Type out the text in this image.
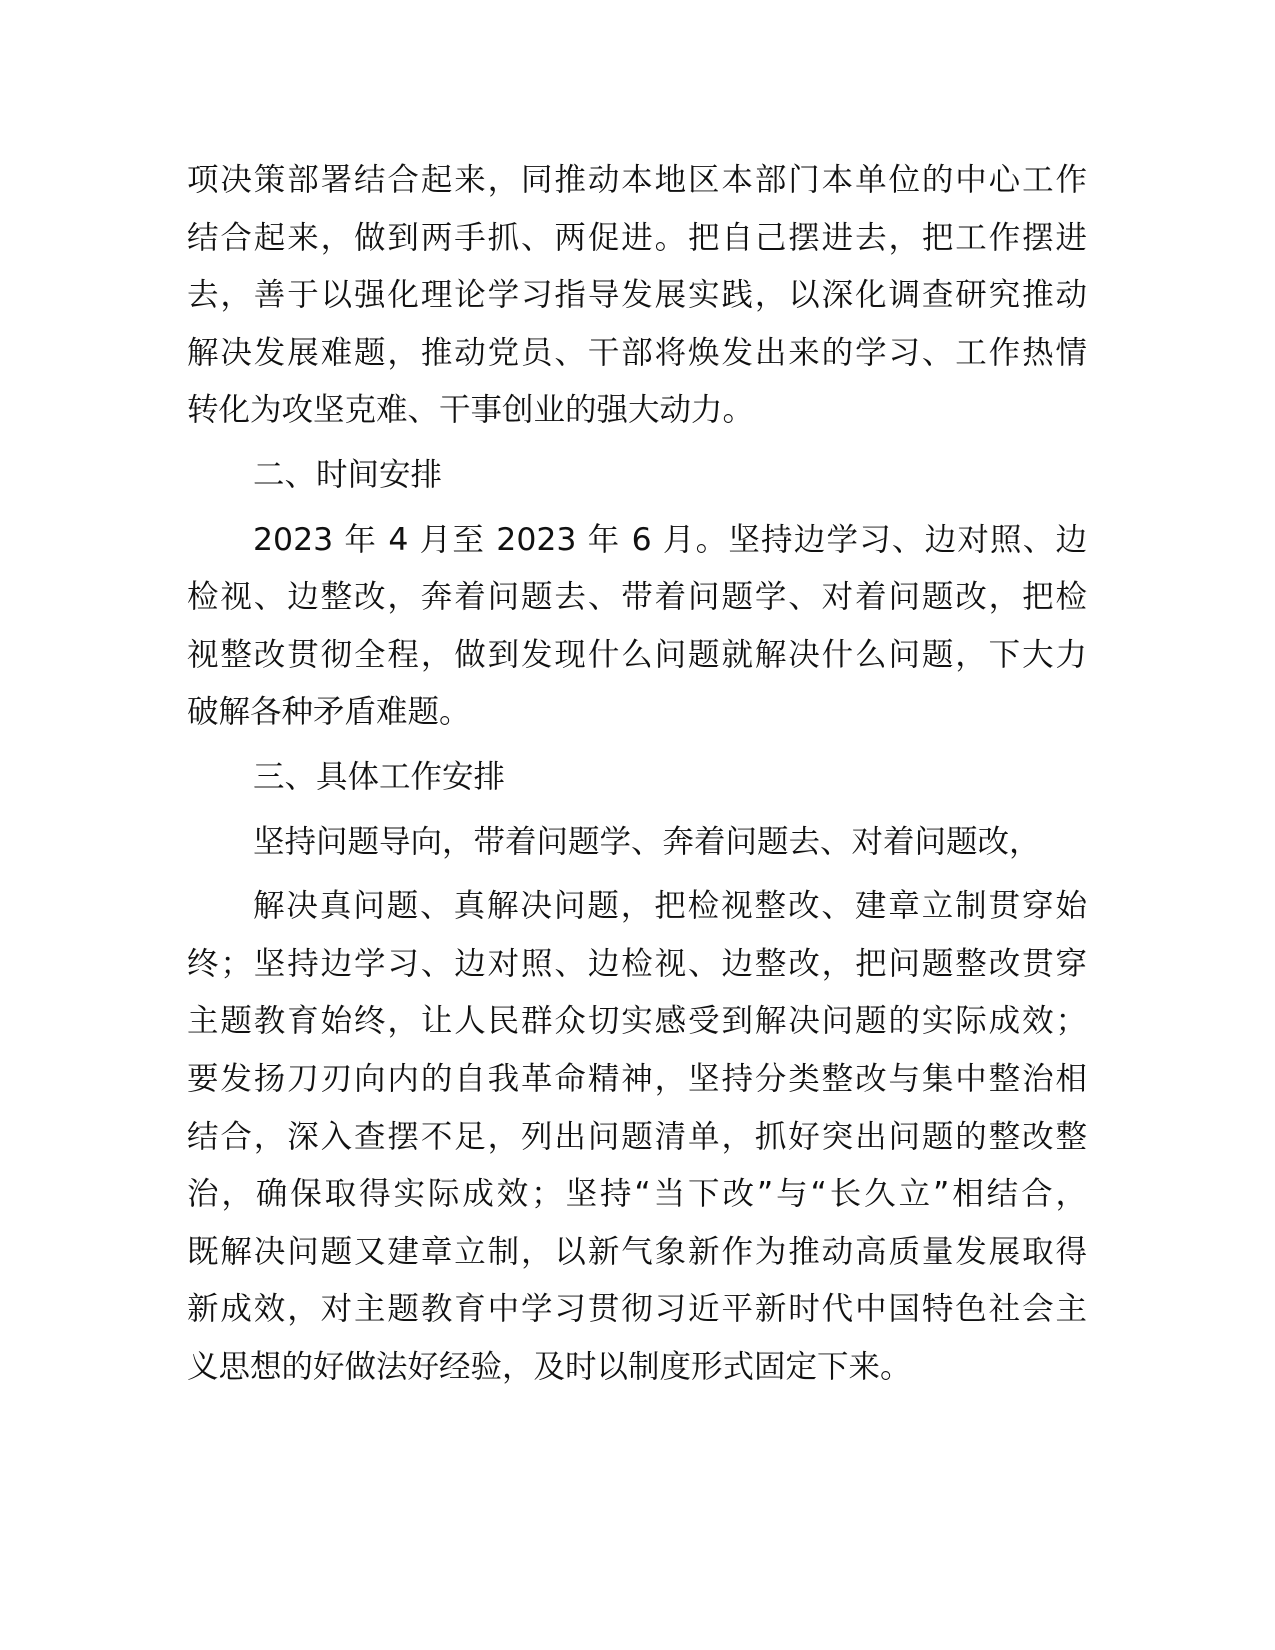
项决策部署结合起来，同推动本地区本部门本单位的中心工作
结合起来，做到两手抓、两促进。把自己摆进去，把工作摆进
去，善于以强化理论学习指导发展实践，以深化调查研究推动
解决发展难题，推动党员、干部将焕发出来的学习、工作热情
转化为攻坚克难、干事创业的强大动力。
二、时间安排
2023 年 4 月至 2023 年 6 月。坚持边学习、边对照、边
检视、边整改，奔着问题去、带着问题学、对着问题改，把检
视整改贯彻全程，做到发现什么问题就解决什么问题，下大力
破解各种矛盾难题。
三、具体工作安排
坚持问题导向，带着问题学、奔着问题去、对着问题改，
解决真问题、真解决问题，把检视整改、建章立制贯穿始
终；坚持边学习、边对照、边检视、边整改，把问题整改贯穿
主题教育始终，让人民群众切实感受到解决问题的实际成效；
要发扬刀刃向内的自我革命精神，坚持分类整改与集中整治相
结合，深入查摆不足，列出问题清单，抓好突出问题的整改整
治，确保取得实际成效；坚持“当下改”与“长久立”相结合，
既解决问题又建章立制，以新气象新作为推动高质量发展取得
新成效，对主题教育中学习贯彻习近平新时代中国特色社会主
义思想的好做法好经验，及时以制度形式固定下来。
